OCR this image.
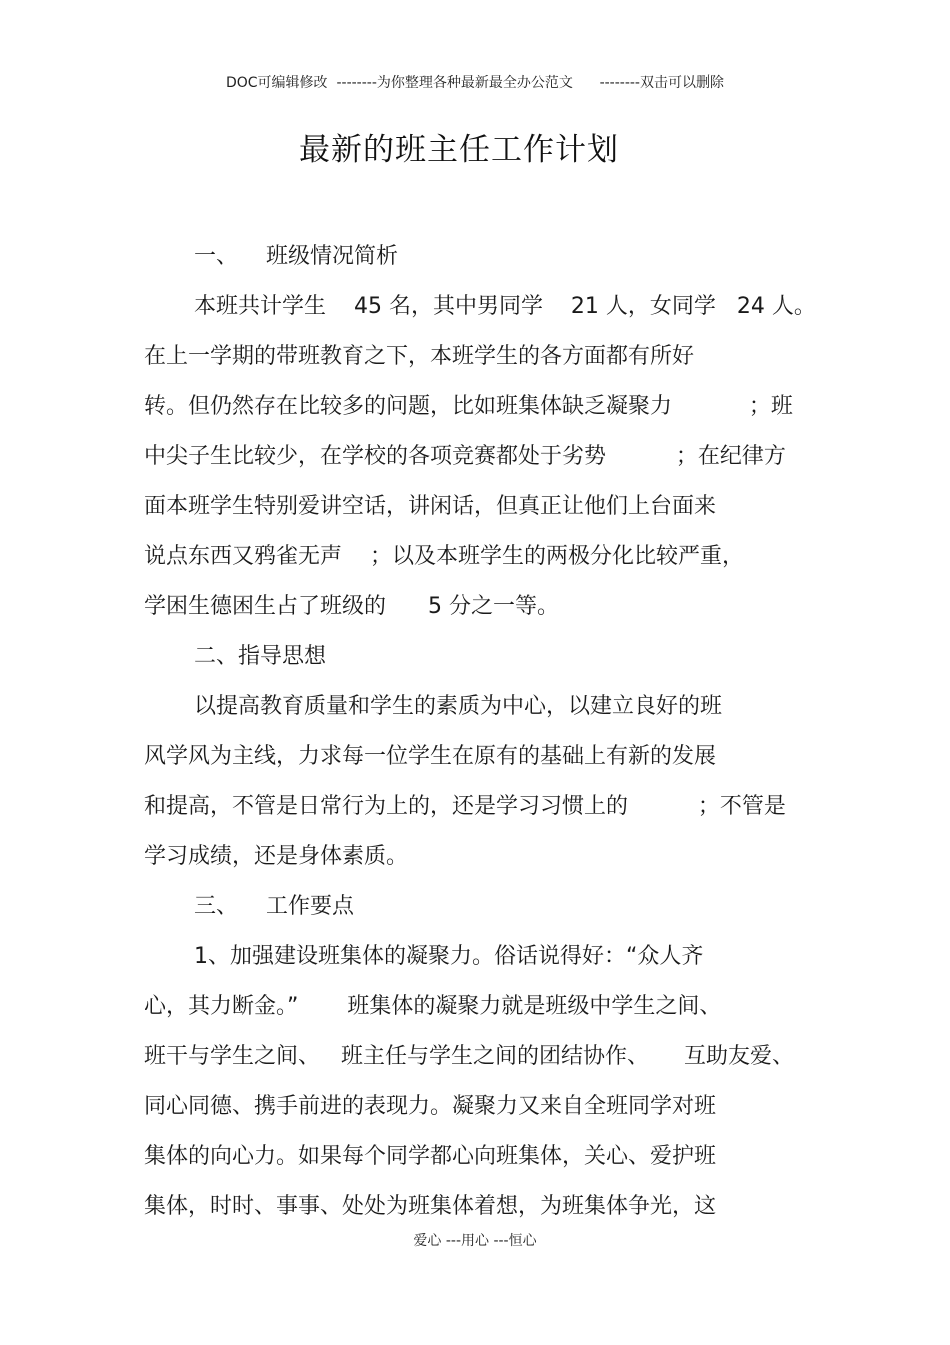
DOC可编辑修改  --------为你整理各种最新最全办公范文      --------双击可以删除
最新的班主任工作计划
一、    班级情况简析
本班共计学生    45 名，其中男同学    21 人，女同学   24 人。
在上一学期的带班教育之下，本班学生的各方面都有所好
转。但仍然存在比较多的问题，比如班集体缺乏凝聚力           ；班
中尖子生比较少，在学校的各项竞赛都处于劣势          ；在纪律方
面本班学生特别爱讲空话，讲闲话，但真正让他们上台面来
说点东西又鸦雀无声    ；以及本班学生的两极分化比较严重，
学困生德困生占了班级的      5 分之一等。
二、指导思想
以提高教育质量和学生的素质为中心，以建立良好的班
风学风为主线，力求每一位学生在原有的基础上有新的发展
和提高，不管是日常行为上的，还是学习习惯上的          ；不管是
学习成绩，还是身体素质。
三、    工作要点
1、加强建设班集体的凝聚力。俗话说得好：“众人齐
心，其力断金。”       班集体的凝聚力就是班级中学生之间、
班干与学生之间、   班主任与学生之间的团结协作、     互助友爱、
同心同德、携手前进的表现力。凝聚力又来自全班同学对班
集体的向心力。如果每个同学都心向班集体，关心、爱护班
集体，时时、事事、处处为班集体着想，为班集体争光，这
爱心 ---用心 ---恒心
